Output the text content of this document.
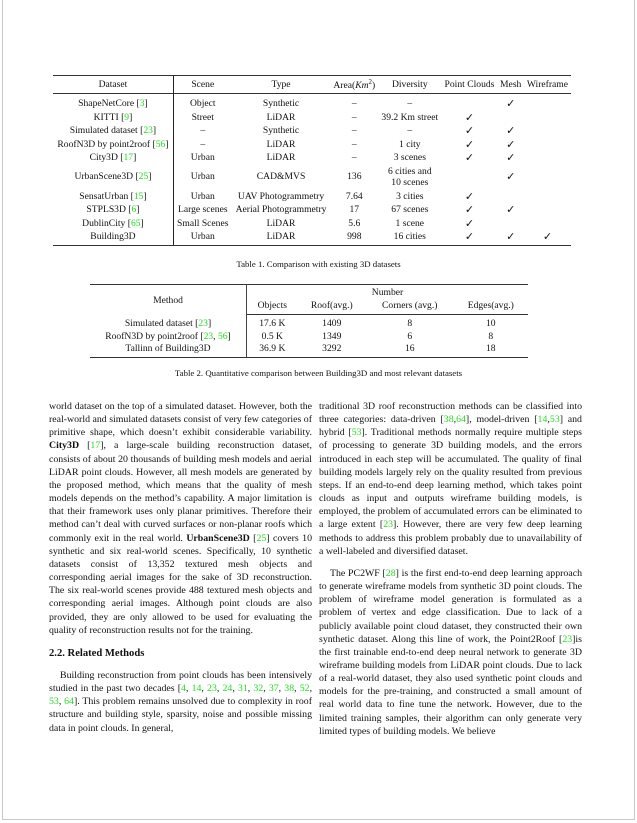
Dataset	Scene	Type	Area(Km$^2$)	Diversity	Point Clouds	Mesh	Wireframe
ShapeNetCore [3]	Object	Synthetic	–	–		✓	
KITTI [9]	Street	LiDAR	–	39.2 Km street	✓		
Simulated dataset [23]	–	Synthetic	–	–	✓	✓	
RoofN3D by point2roof [56]	–	LiDAR	–	1 city	✓	✓	
City3D [17]	Urban	LiDAR	–	3 scenes	✓	✓	
UrbanScene3D [25]	Urban	CAD&MVS	136	6 cities and
10 scenes		✓	
SensatUrban [15]	Urban	UAV Photogrammetry	7.64	3 cities	✓		
STPLS3D [6]	Large scenes	Aerial Photogrammetry	17	67 scenes	✓	✓	
DublinCity [65]	Small Scenes	LiDAR	5.6	1 scene	✓		
Building3D	Urban	LiDAR	998	16 cities	✓	✓	✓
Table 1. Comparison with existing 3D datasets
Method	Number			
	Objects	Roof(avg.)	Corners (avg.)	Edges(avg.)
Simulated dataset [23]	17.6 K	1409	8	10
RoofN3D by point2roof [23, 56]	0.5 K	1349	6	8
Tallinn of Building3D	36.9 K	3292	16	18
Table 2. Quantitative comparison between Building3D and most relevant datasets

world dataset on the top of a simulated dataset. However, both the real-world and simulated datasets consist of very few categories of primitive shape, which doesn’t exhibit considerable variability. City3D [17], a large-scale building reconstruction dataset, consists of about 20 thousands of building mesh models and aerial LiDAR point clouds. However, all mesh models are generated by the proposed method, which means that the quality of mesh models depends on the method’s capability. A major limitation is that their framework uses only planar primitives. Therefore their method can’t deal with curved surfaces or non-planar roofs which commonly exit in the real world. UrbanScene3D [25] covers 10 synthetic and six real-world scenes. Specifically, 10 synthetic datasets consist of 13,352 textured mesh objects and corresponding aerial images for the sake of 3D reconstruction. The six real-world scenes provide 488 textured mesh objects and corresponding aerial images. Although point clouds are also provided, they are only allowed to be used for evaluating the quality of reconstruction results not for the training.

2.2. Related Methods

Building reconstruction from point clouds has been intensively studied in the past two decades [4, 14, 23, 24, 31, 32, 37, 38, 52, 53, 64]. This problem remains unsolved due to complexity in roof structure and building style, sparsity, noise and possible missing data in point clouds. In general,

traditional 3D roof reconstruction methods can be classified into three categories: data-driven [38,64], model-driven [14,53] and hybrid [53]. Traditional methods normally require multiple steps of processing to generate 3D building models, and the errors introduced in each step will be accumulated. The quality of final building models largely rely on the quality resulted from previous steps. If an end-to-end deep learning method, which takes point clouds as input and outputs wireframe building models, is employed, the problem of accumulated errors can be eliminated to a large extent [23]. However, there are very few deep learning methods to address this problem probably due to unavailability of a well-labeled and diversified dataset.

The PC2WF [28] is the first end-to-end deep learning approach to generate wireframe models from synthetic 3D point clouds. The problem of wireframe model generation is formulated as a problem of vertex and edge classification. Due to lack of a publicly available point cloud dataset, they constructed their own synthetic dataset. Along this line of work, the Point2Roof [23]is the first trainable end-to-end deep neural network to generate 3D wireframe building models from LiDAR point clouds. Due to lack of a real-world dataset, they also used synthetic point clouds and models for the pre-training, and constructed a small amount of real world data to fine tune the network. However, due to the limited training samples, their algorithm can only generate very limited types of building models. We believe
